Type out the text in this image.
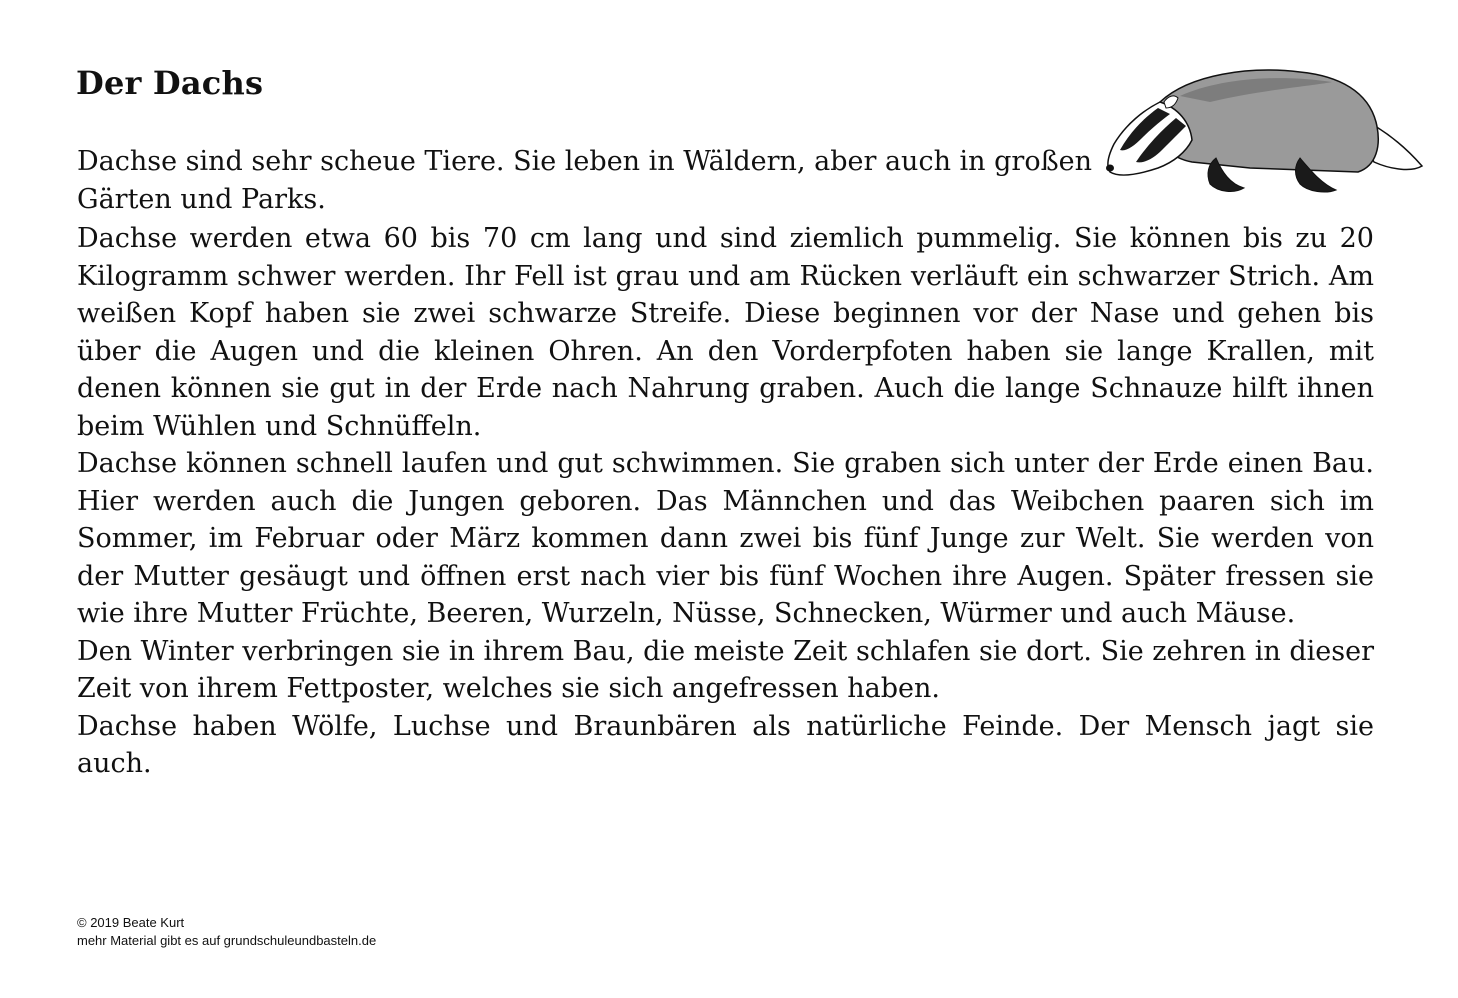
Der Dachs

Dachse sind sehr scheue Tiere. Sie leben in Wäldern, aber auch in großen Gärten und Parks.

Dachse werden etwa 60 bis 70 cm lang und sind ziemlich pummelig. Sie können bis zu 20 Kilogramm schwer werden. Ihr Fell ist grau und am Rücken verläuft ein schwarzer Strich. Am weißen Kopf haben sie zwei schwarze Streife. Diese beginnen vor der Nase und gehen bis über die Augen und die kleinen Ohren. An den Vorderpfoten haben sie lange Krallen, mit denen können sie gut in der Erde nach Nahrung graben. Auch die lange Schnauze hilft ihnen beim Wühlen und Schnüffeln.

Dachse können schnell laufen und gut schwimmen. Sie graben sich unter der Erde einen Bau. Hier werden auch die Jungen geboren. Das Männchen und das Weibchen paaren sich im Sommer, im Februar oder März kommen dann zwei bis fünf Junge zur Welt. Sie werden von der Mutter gesäugt und öffnen erst nach vier bis fünf Wochen ihre Augen. Später fressen sie wie ihre Mutter Früchte, Beeren, Wurzeln, Nüsse, Schnecken, Würmer und auch Mäuse.

Den Winter verbringen sie in ihrem Bau, die meiste Zeit schlafen sie dort. Sie zehren in dieser Zeit von ihrem Fettposter, welches sie sich angefressen haben.

Dachse haben Wölfe, Luchse und Braunbären als natürliche Feinde. Der Mensch jagt sie auch.

© 2019 Beate Kurt
mehr Material gibt es auf grundschuleundbasteln.de
